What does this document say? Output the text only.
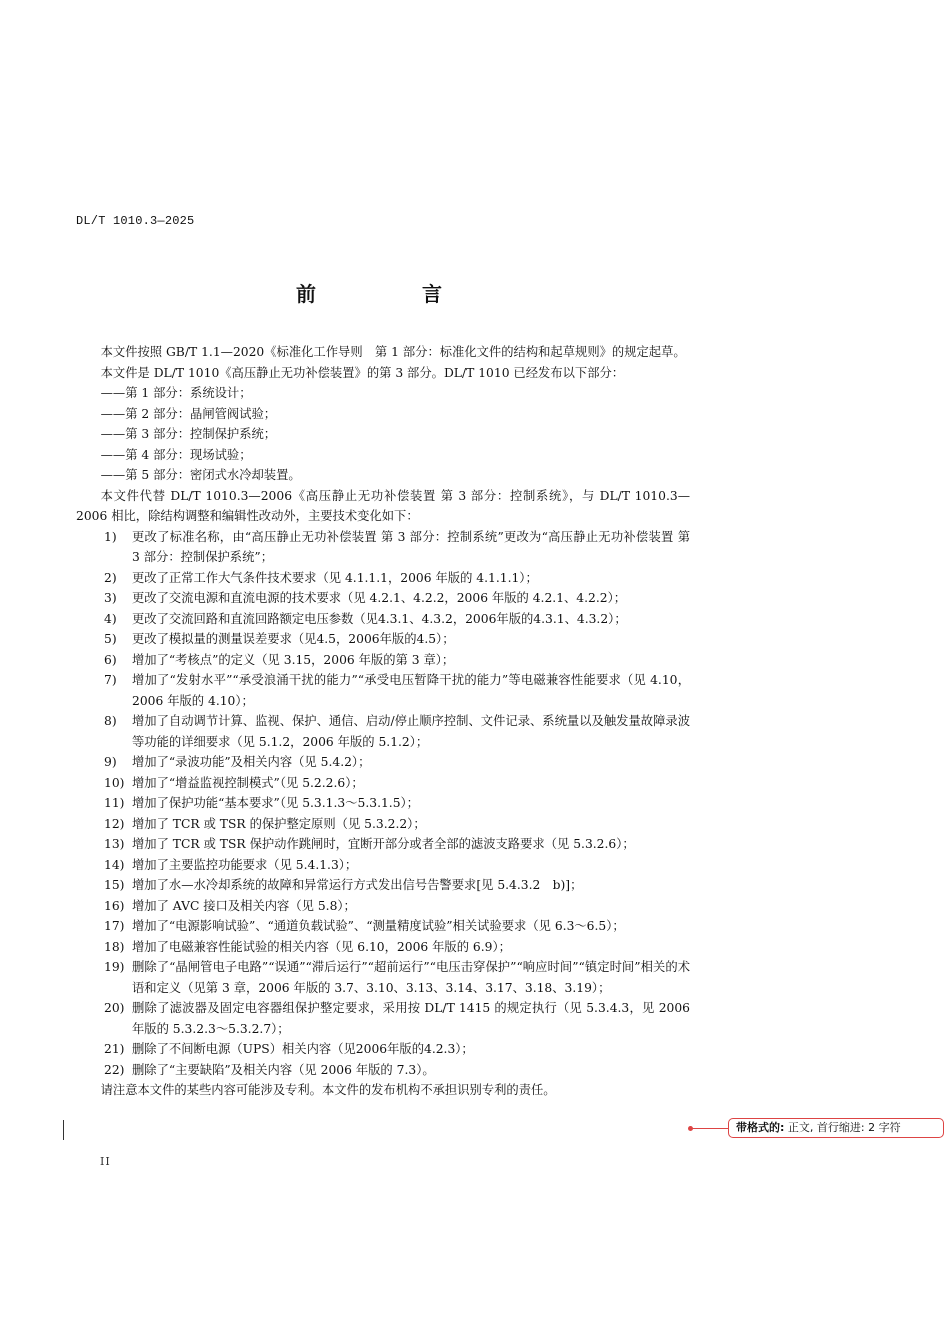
DL/T 1010.3—2025
前　　言

本文件按照 GB/T 1.1—2020《标准化工作导则　第 1 部分：标准化文件的结构和起草规则》的规定起草。

本文件是 DL/T 1010《高压静止无功补偿装置》的第 3 部分。DL/T 1010 已经发布以下部分：

——第 1 部分：系统设计；

——第 2 部分：晶闸管阀试验；

——第 3 部分：控制保护系统；

——第 4 部分：现场试验；

——第 5 部分：密闭式水冷却装置。

本文件代替 DL/T 1010.3—2006《高压静止无功补偿装置 第 3 部分：控制系统》，与 DL/T 1010.3—2006 相比，除结构调整和编辑性改动外，主要技术变化如下：

1)	更改了标准名称，由“高压静止无功补偿装置 第 3 部分：控制系统”更改为“高压静止无功补偿装置 第 3 部分：控制保护系统”；
2)	更改了正常工作大气条件技术要求（见 4.1.1.1，2006 年版的 4.1.1.1）；
3)	更改了交流电源和直流电源的技术要求（见 4.2.1、4.2.2，2006 年版的 4.2.1、4.2.2）；
4)	更改了交流回路和直流回路额定电压参数（见4.3.1、4.3.2，2006年版的4.3.1、4.3.2）；
5)	更改了模拟量的测量误差要求（见4.5，2006年版的4.5）；
6)	增加了“考核点”的定义（见 3.15，2006 年版的第 3 章）；
7)	增加了“发射水平”“承受浪涌干扰的能力”“承受电压暂降干扰的能力”等电磁兼容性能要求（见 4.10，2006 年版的 4.10）；
8)	增加了自动调节计算、监视、保护、通信、启动/停止顺序控制、文件记录、系统量以及触发量故障录波等功能的详细要求（见 5.1.2，2006 年版的 5.1.2）；
9)	增加了“录波功能”及相关内容（见 5.4.2）；
10) 增加了“增益监视控制模式”（见 5.2.2.6）；
11) 增加了保护功能“基本要求”（见 5.3.1.3～5.3.1.5）；
12) 增加了 TCR 或 TSR 的保护整定原则（见 5.3.2.2）；
13) 增加了 TCR 或 TSR 保护动作跳闸时，宜断开部分或者全部的滤波支路要求（见 5.3.2.6）；
14) 增加了主要监控功能要求（见 5.4.1.3）；
15) 增加了水—水冷却系统的故障和异常运行方式发出信号告警要求[见 5.4.3.2　b)]；
16) 增加了 AVC 接口及相关内容（见 5.8）；
17) 增加了“电源影响试验”、“通道负载试验”、“测量精度试验”相关试验要求（见 6.3～6.5）；
18) 增加了电磁兼容性能试验的相关内容（见 6.10，2006 年版的 6.9）；
19) 删除了“晶闸管电子电路”“误通”“滞后运行”“超前运行”“电压击穿保护”“响应时间”“镇定时间”相关的术语和定义（见第 3 章，2006 年版的 3.7、3.10、3.13、3.14、3.17、3.18、3.19）；
20) 删除了滤波器及固定电容器组保护整定要求，采用按 DL/T 1415 的规定执行（见 5.3.4.3，见 2006 年版的 5.3.2.3～5.3.2.7）；
21) 删除了不间断电源（UPS）相关内容（见2006年版的4.2.3）；
22) 删除了“主要缺陷”及相关内容（见 2006 年版的 7.3）。

请注意本文件的某些内容可能涉及专利。本文件的发布机构不承担识别专利的责任。

II
带格式的: 正文, 首行缩进: 2 字符
